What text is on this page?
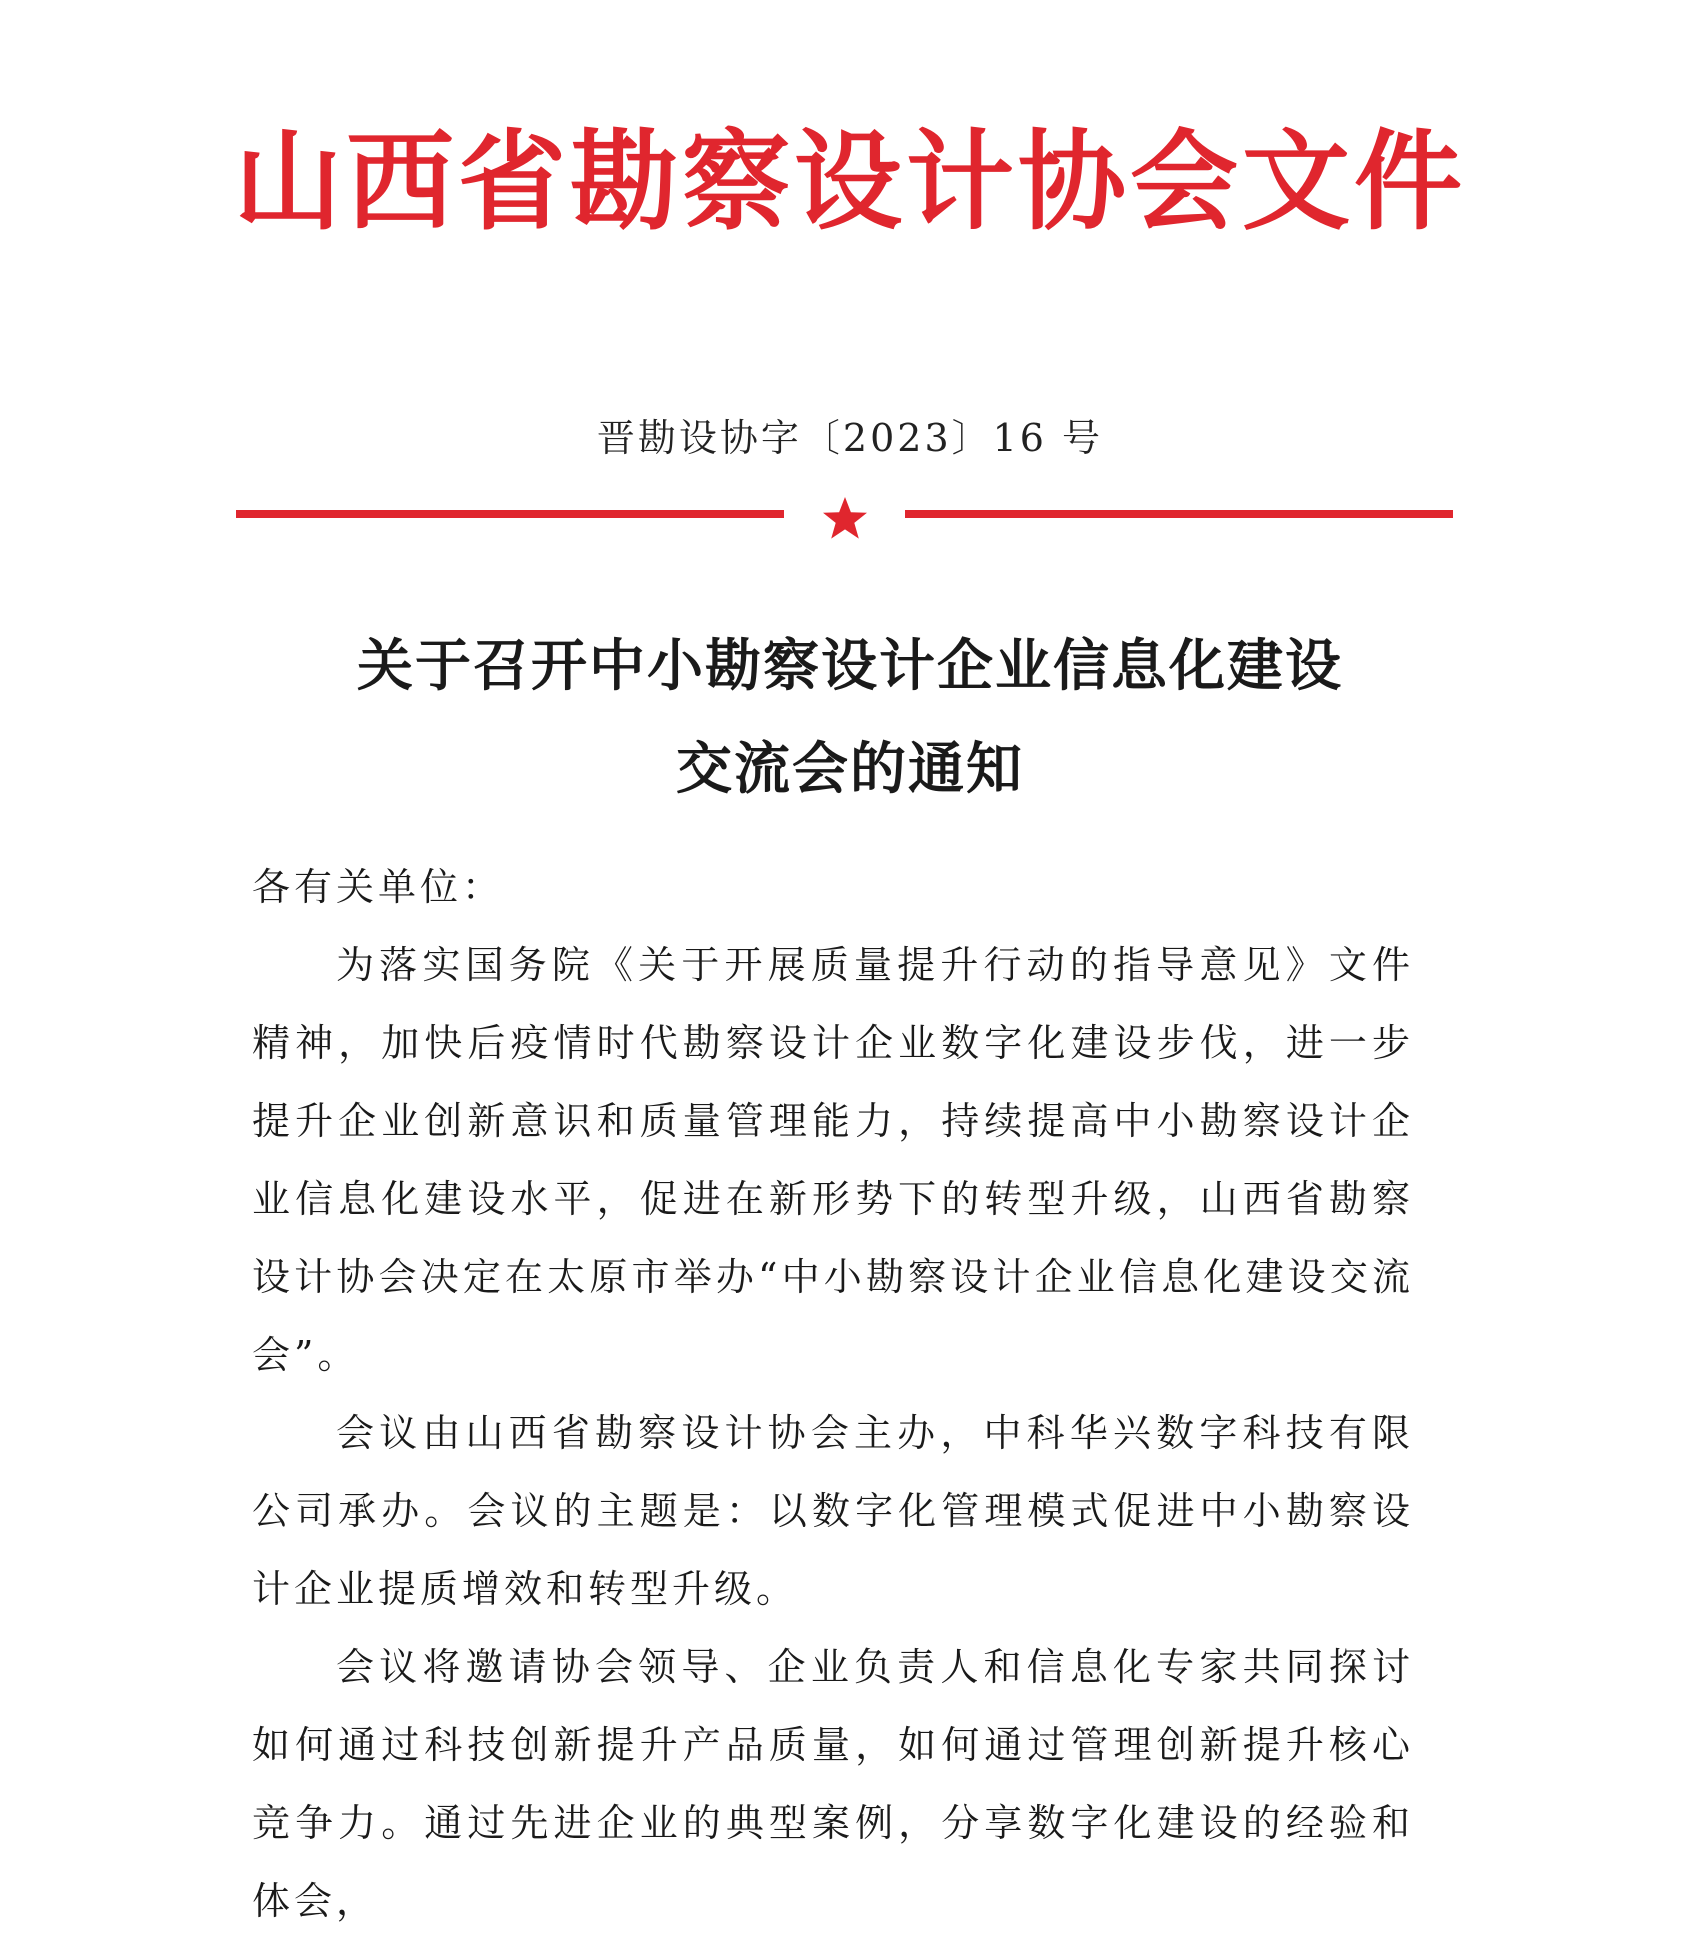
山西省勘察设计协会文件
晋勘设协字〔2023〕16 号
关于召开中小勘察设计企业信息化建设
交流会的通知

各有关单位：

为落实国务院《关于开展质量提升行动的指导意见》文件精神，加快后疫情时代勘察设计企业数字化建设步伐，进一步提升企业创新意识和质量管理能力，持续提高中小勘察设计企业信息化建设水平，促进在新形势下的转型升级，山西省勘察设计协会决定在太原市举办“中小勘察设计企业信息化建设交流会”。

会议由山西省勘察设计协会主办，中科华兴数字科技有限公司承办。会议的主题是：以数字化管理模式促进中小勘察设计企业提质增效和转型升级。

会议将邀请协会领导、企业负责人和信息化专家共同探讨如何通过科技创新提升产品质量，如何通过管理创新提升核心竞争力。通过先进企业的典型案例，分享数字化建设的经验和体会，
